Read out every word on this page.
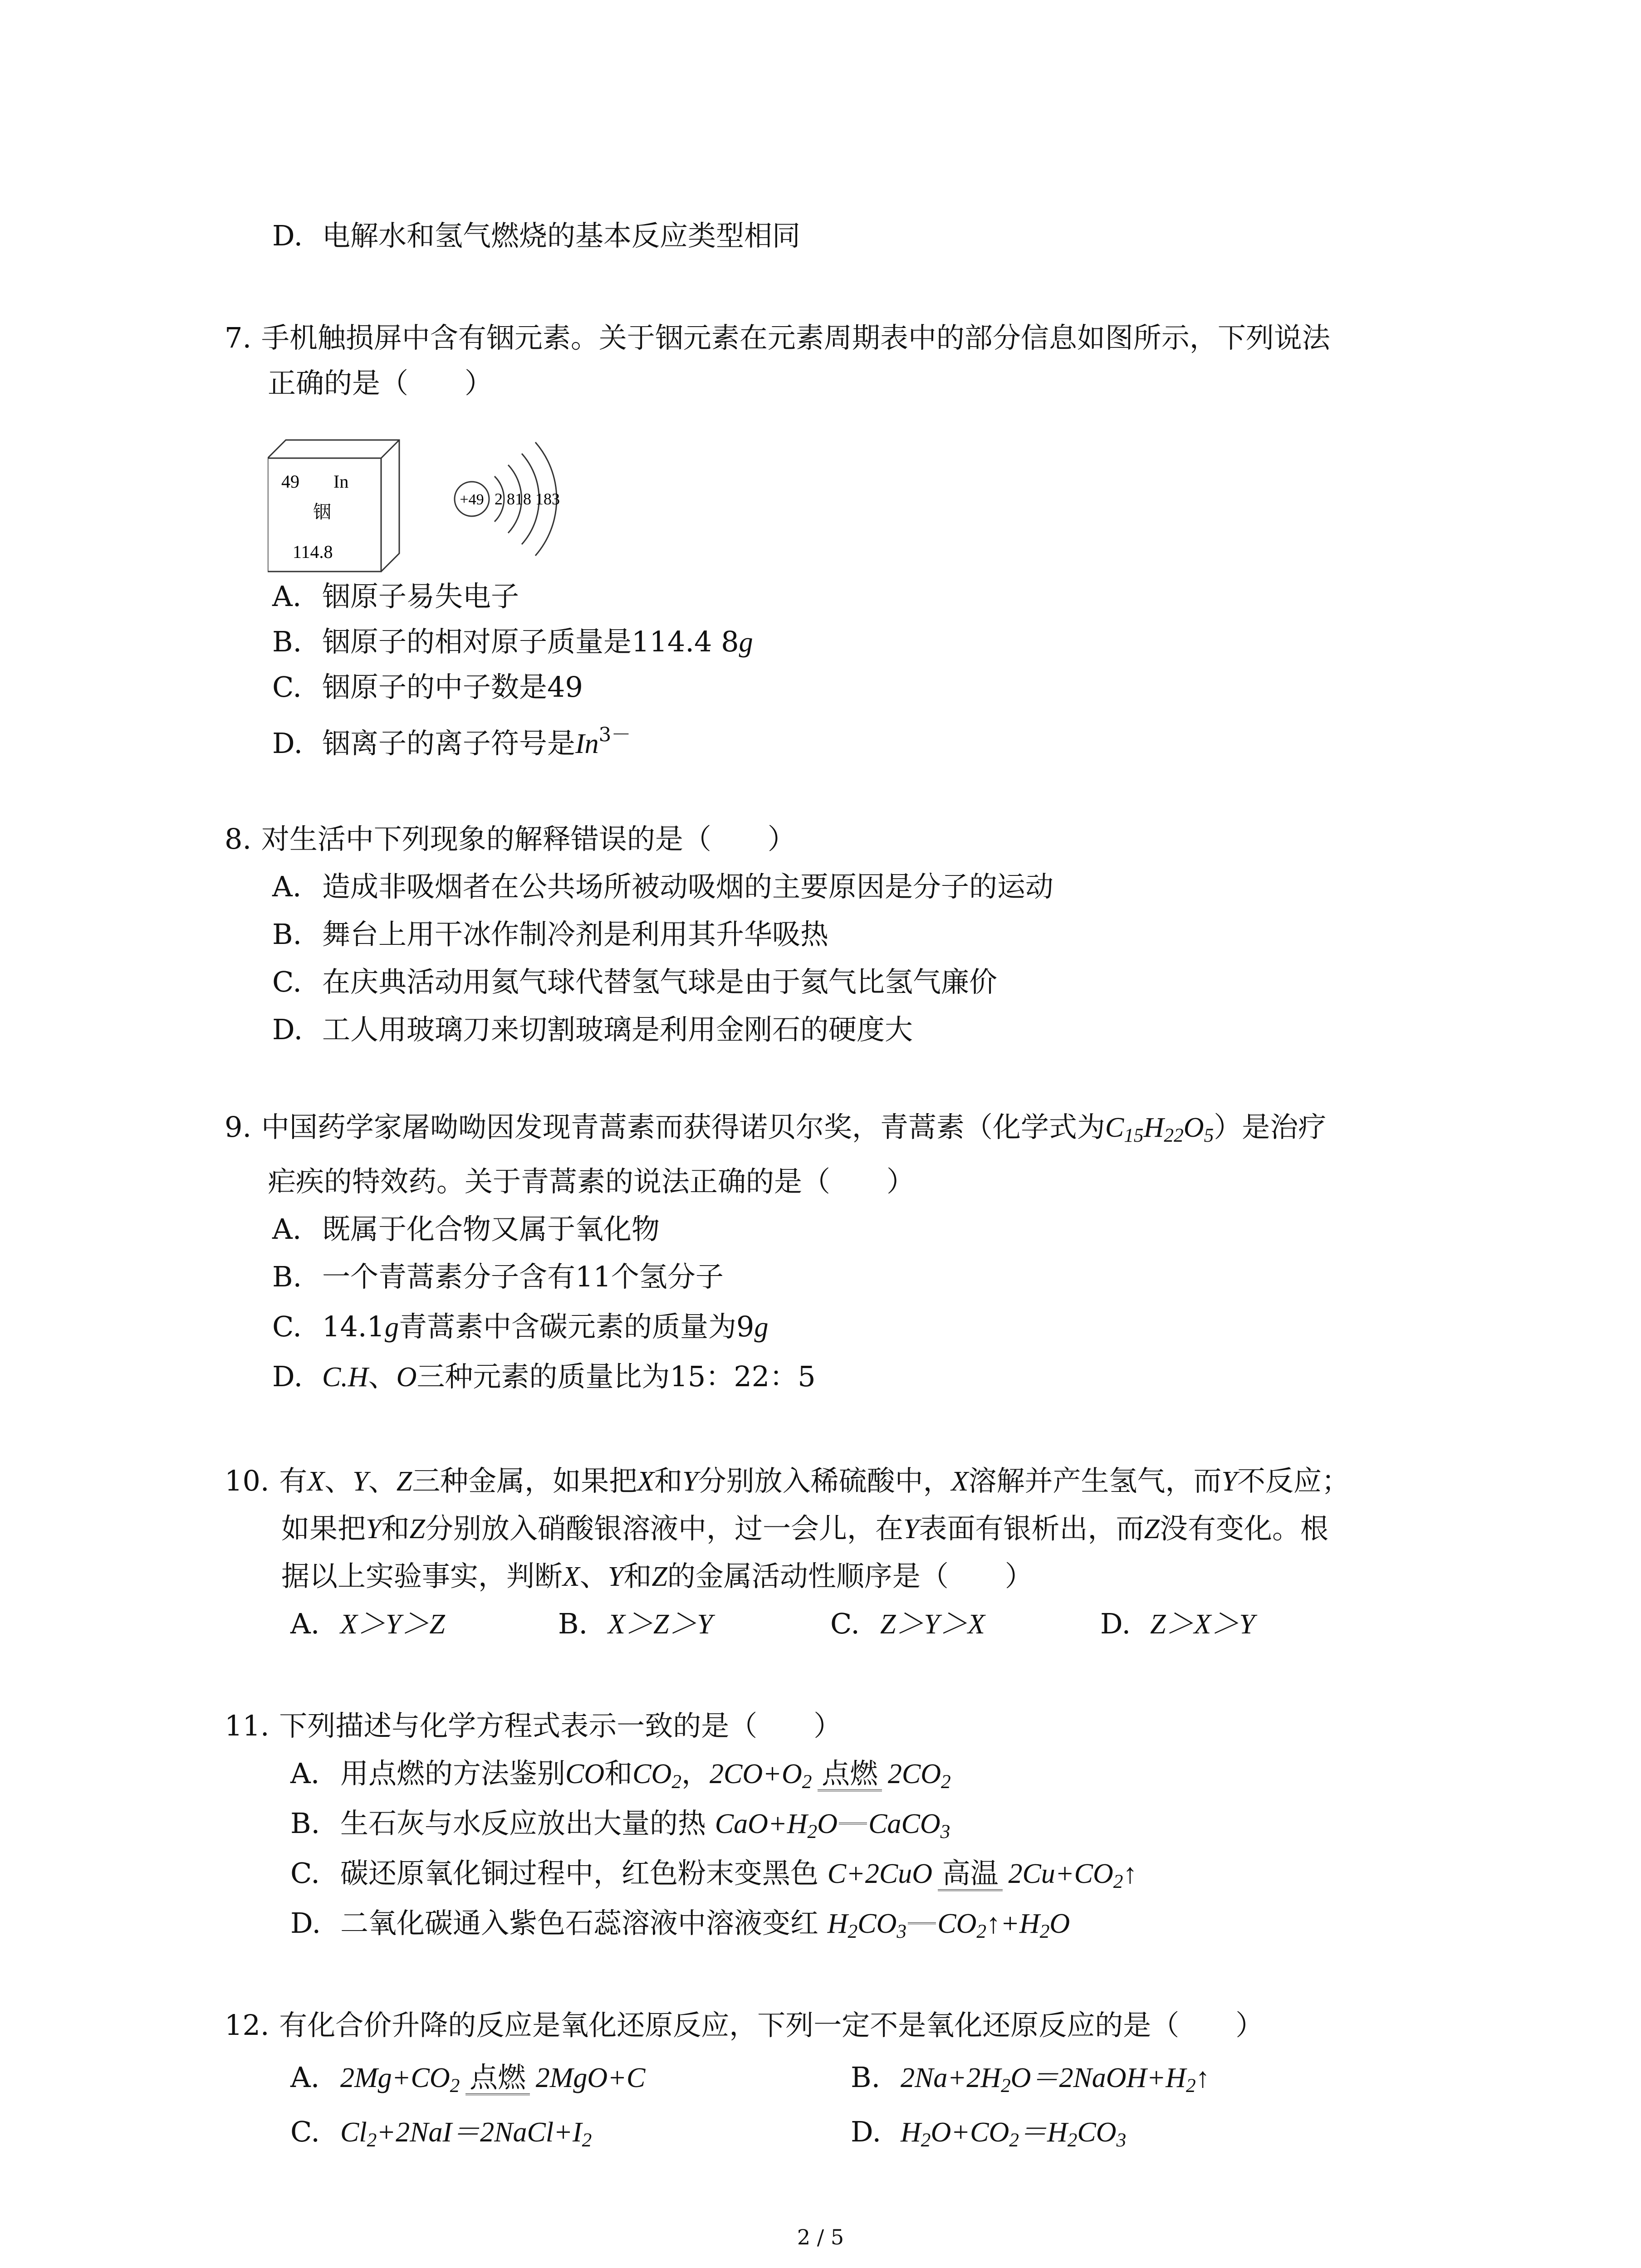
D. 电解水和氢气燃烧的基本反应类型相同
7. 手机触损屏中含有铟元素。关于铟元素在元素周期表中的部分信息如图所示，下列说法
正确的是（　　）
49 In
铟
114.8
+49 2 818 183
A. 铟原子易失电子
B. 铟原子的相对原子质量是114.4 8g
C. 铟原子的中子数是49
D. 铟离子的离子符号是$In^{3-}$
8. 对生活中下列现象的解释错误的是（　　）
A. 造成非吸烟者在公共场所被动吸烟的主要原因是分子的运动
B. 舞台上用干冰作制冷剂是利用其升华吸热
C. 在庆典活动用氦气球代替氢气球是由于氦气比氢气廉价
D. 工人用玻璃刀来切割玻璃是利用金刚石的硬度大
9. 中国药学家屠呦呦因发现青蒿素而获得诺贝尔奖，青蒿素（化学式为$C_{15}H_{22}O_5$）是治疗
疟疾的特效药。关于青蒿素的说法正确的是（　　）
A. 既属于化合物又属于氧化物
B. 一个青蒿素分子含有11个氢分子
C. 14.1g青蒿素中含碳元素的质量为9g
D. C.H、O三种元素的质量比为15：22：5
10. 有X、Y、Z三种金属，如果把X和Y分别放入稀硫酸中，X溶解并产生氢气，而Y不反应；
如果把Y和Z分别放入硝酸银溶液中，过一会儿，在Y表面有银析出，而Z没有变化。根
据以上实验事实，判断X、Y和Z的金属活动性顺序是（　　）
A. X＞Y＞Z	B. X＞Z＞Y	C. Z＞Y＞X	D. Z＞X＞Y
11. 下列描述与化学方程式表示一致的是（　　）
A. 用点燃的方法鉴别CO和$CO_2$，$2CO+O_2$ 点燃 $2CO_2$
B. 生石灰与水反应放出大量的热 $CaO+H_2O$ CaCO$_3$
C. 碳还原氧化铜过程中，红色粉末变黑色 C+2CuO 高温 $2Cu+CO_2↑$
D. 二氧化碳通入紫色石蕊溶液中溶液变红 $H_2CO_3$ $CO_2↑+H_2O$
12. 有化合价升降的反应是氧化还原反应，下列一定不是氧化还原反应的是（　　）
A. $2Mg+CO_2$ 点燃 2MgO+C	B. $2Na+2H_2O=2NaOH+H_2↑$
C. $Cl_2+2NaI=2NaCl+I_2$	D. $H_2O+CO_2=H_2CO_3$
2 / 5
